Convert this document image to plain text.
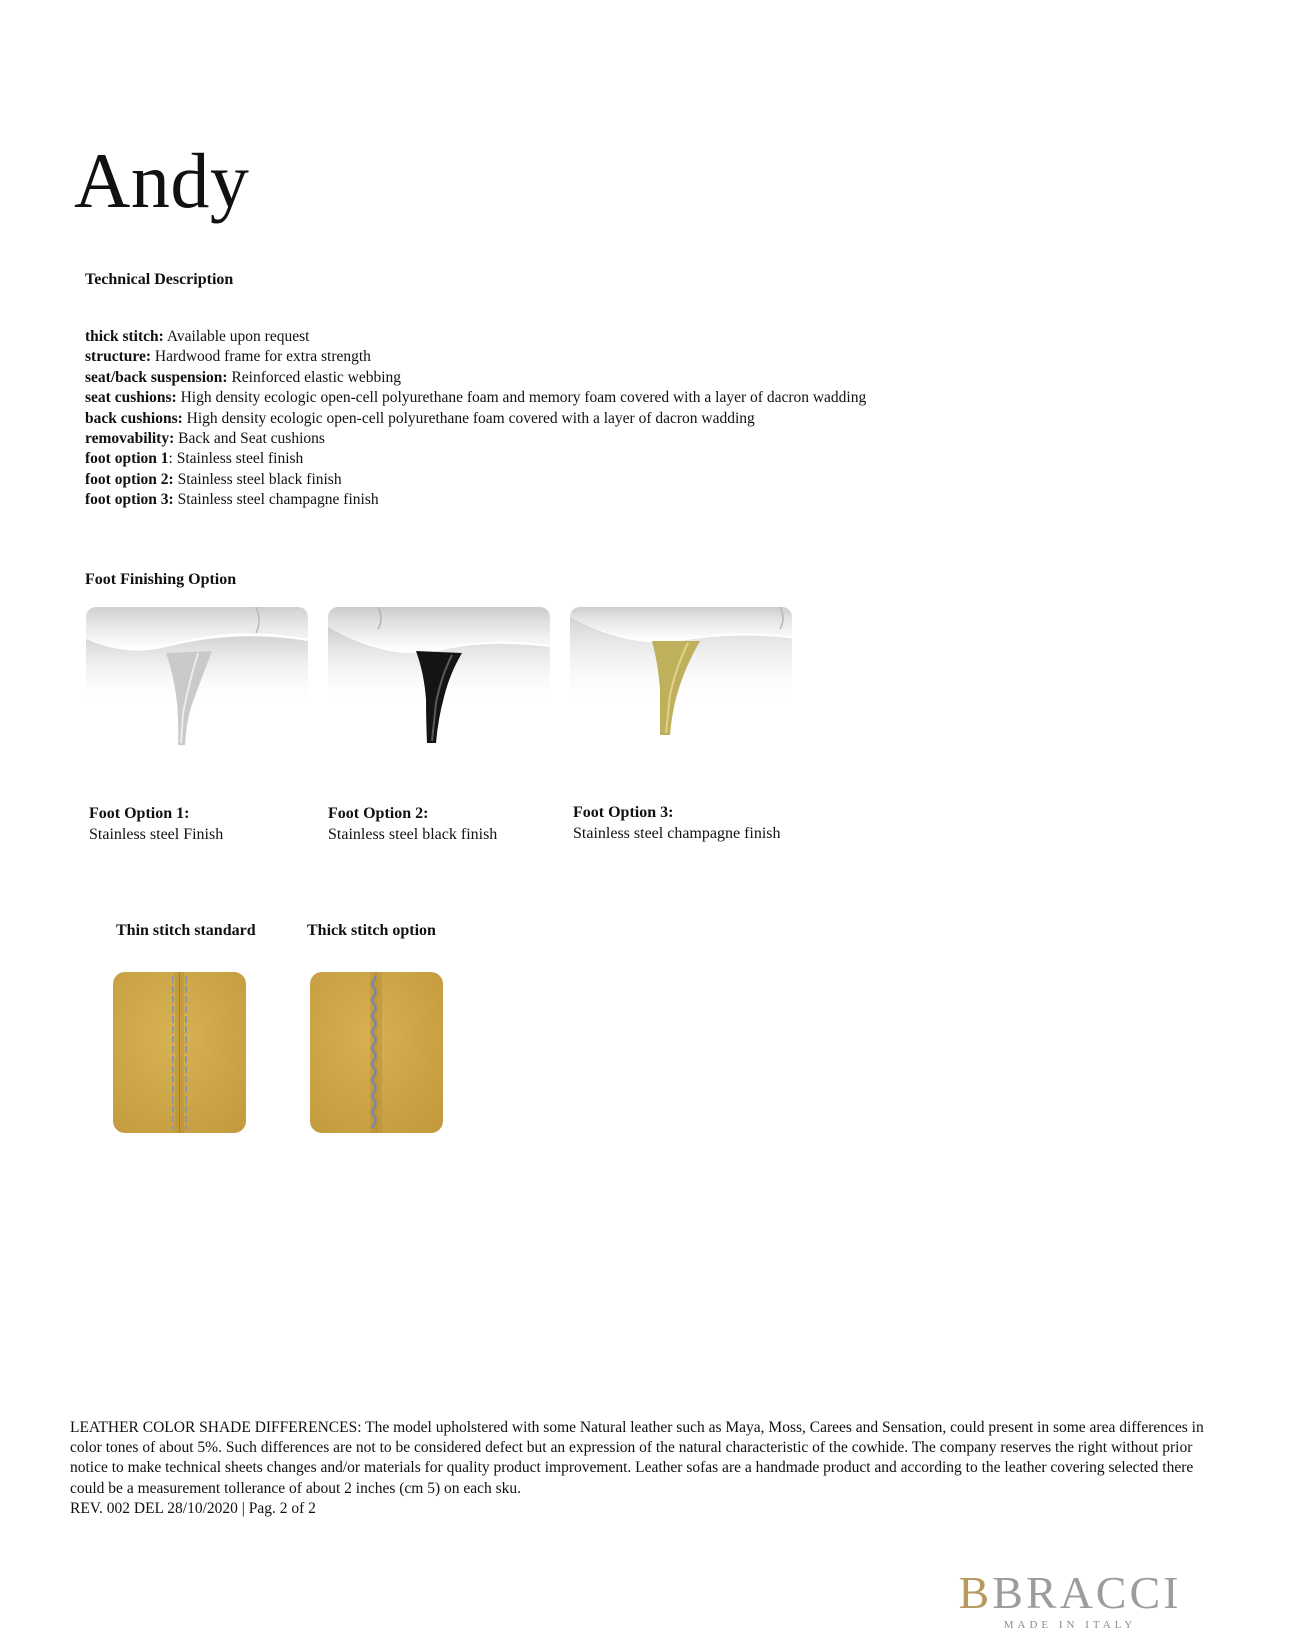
Andy
Technical Description
thick stitch: Available upon request
structure: Hardwood frame for extra strength
seat/back suspension: Reinforced elastic webbing
seat cushions: High density ecologic open-cell polyurethane foam and memory foam covered with a layer of dacron wadding
back cushions: High density ecologic open-cell polyurethane foam covered with a layer of dacron wadding
removability: Back and Seat cushions
foot option 1: Stainless steel finish
foot option 2: Stainless steel black finish
foot option 3: Stainless steel champagne finish
Foot Finishing Option
Foot Option 1:
Stainless steel Finish
Foot Option 2:
Stainless steel black finish
Foot Option 3:
Stainless steel champagne finish
Thin stitch standard	Thick stitch option
LEATHER COLOR SHADE DIFFERENCES: The model upholstered with some Natural leather such as Maya, Moss, Carees and Sensation, could present in some area differences in color tones of about 5%. Such differences are not to be considered defect but an expression of the natural characteristic of the cowhide. The company reserves the right without prior notice to make technical sheets changes and/or materials for quality product improvement. Leather sofas are a handmade product and according to the leather covering selected there could be a measurement tollerance of about 2 inches (cm 5) on each sku.
REV. 002 DEL 28/10/2020 | Pag. 2 of 2
BBRACCI
MADE IN ITALY
